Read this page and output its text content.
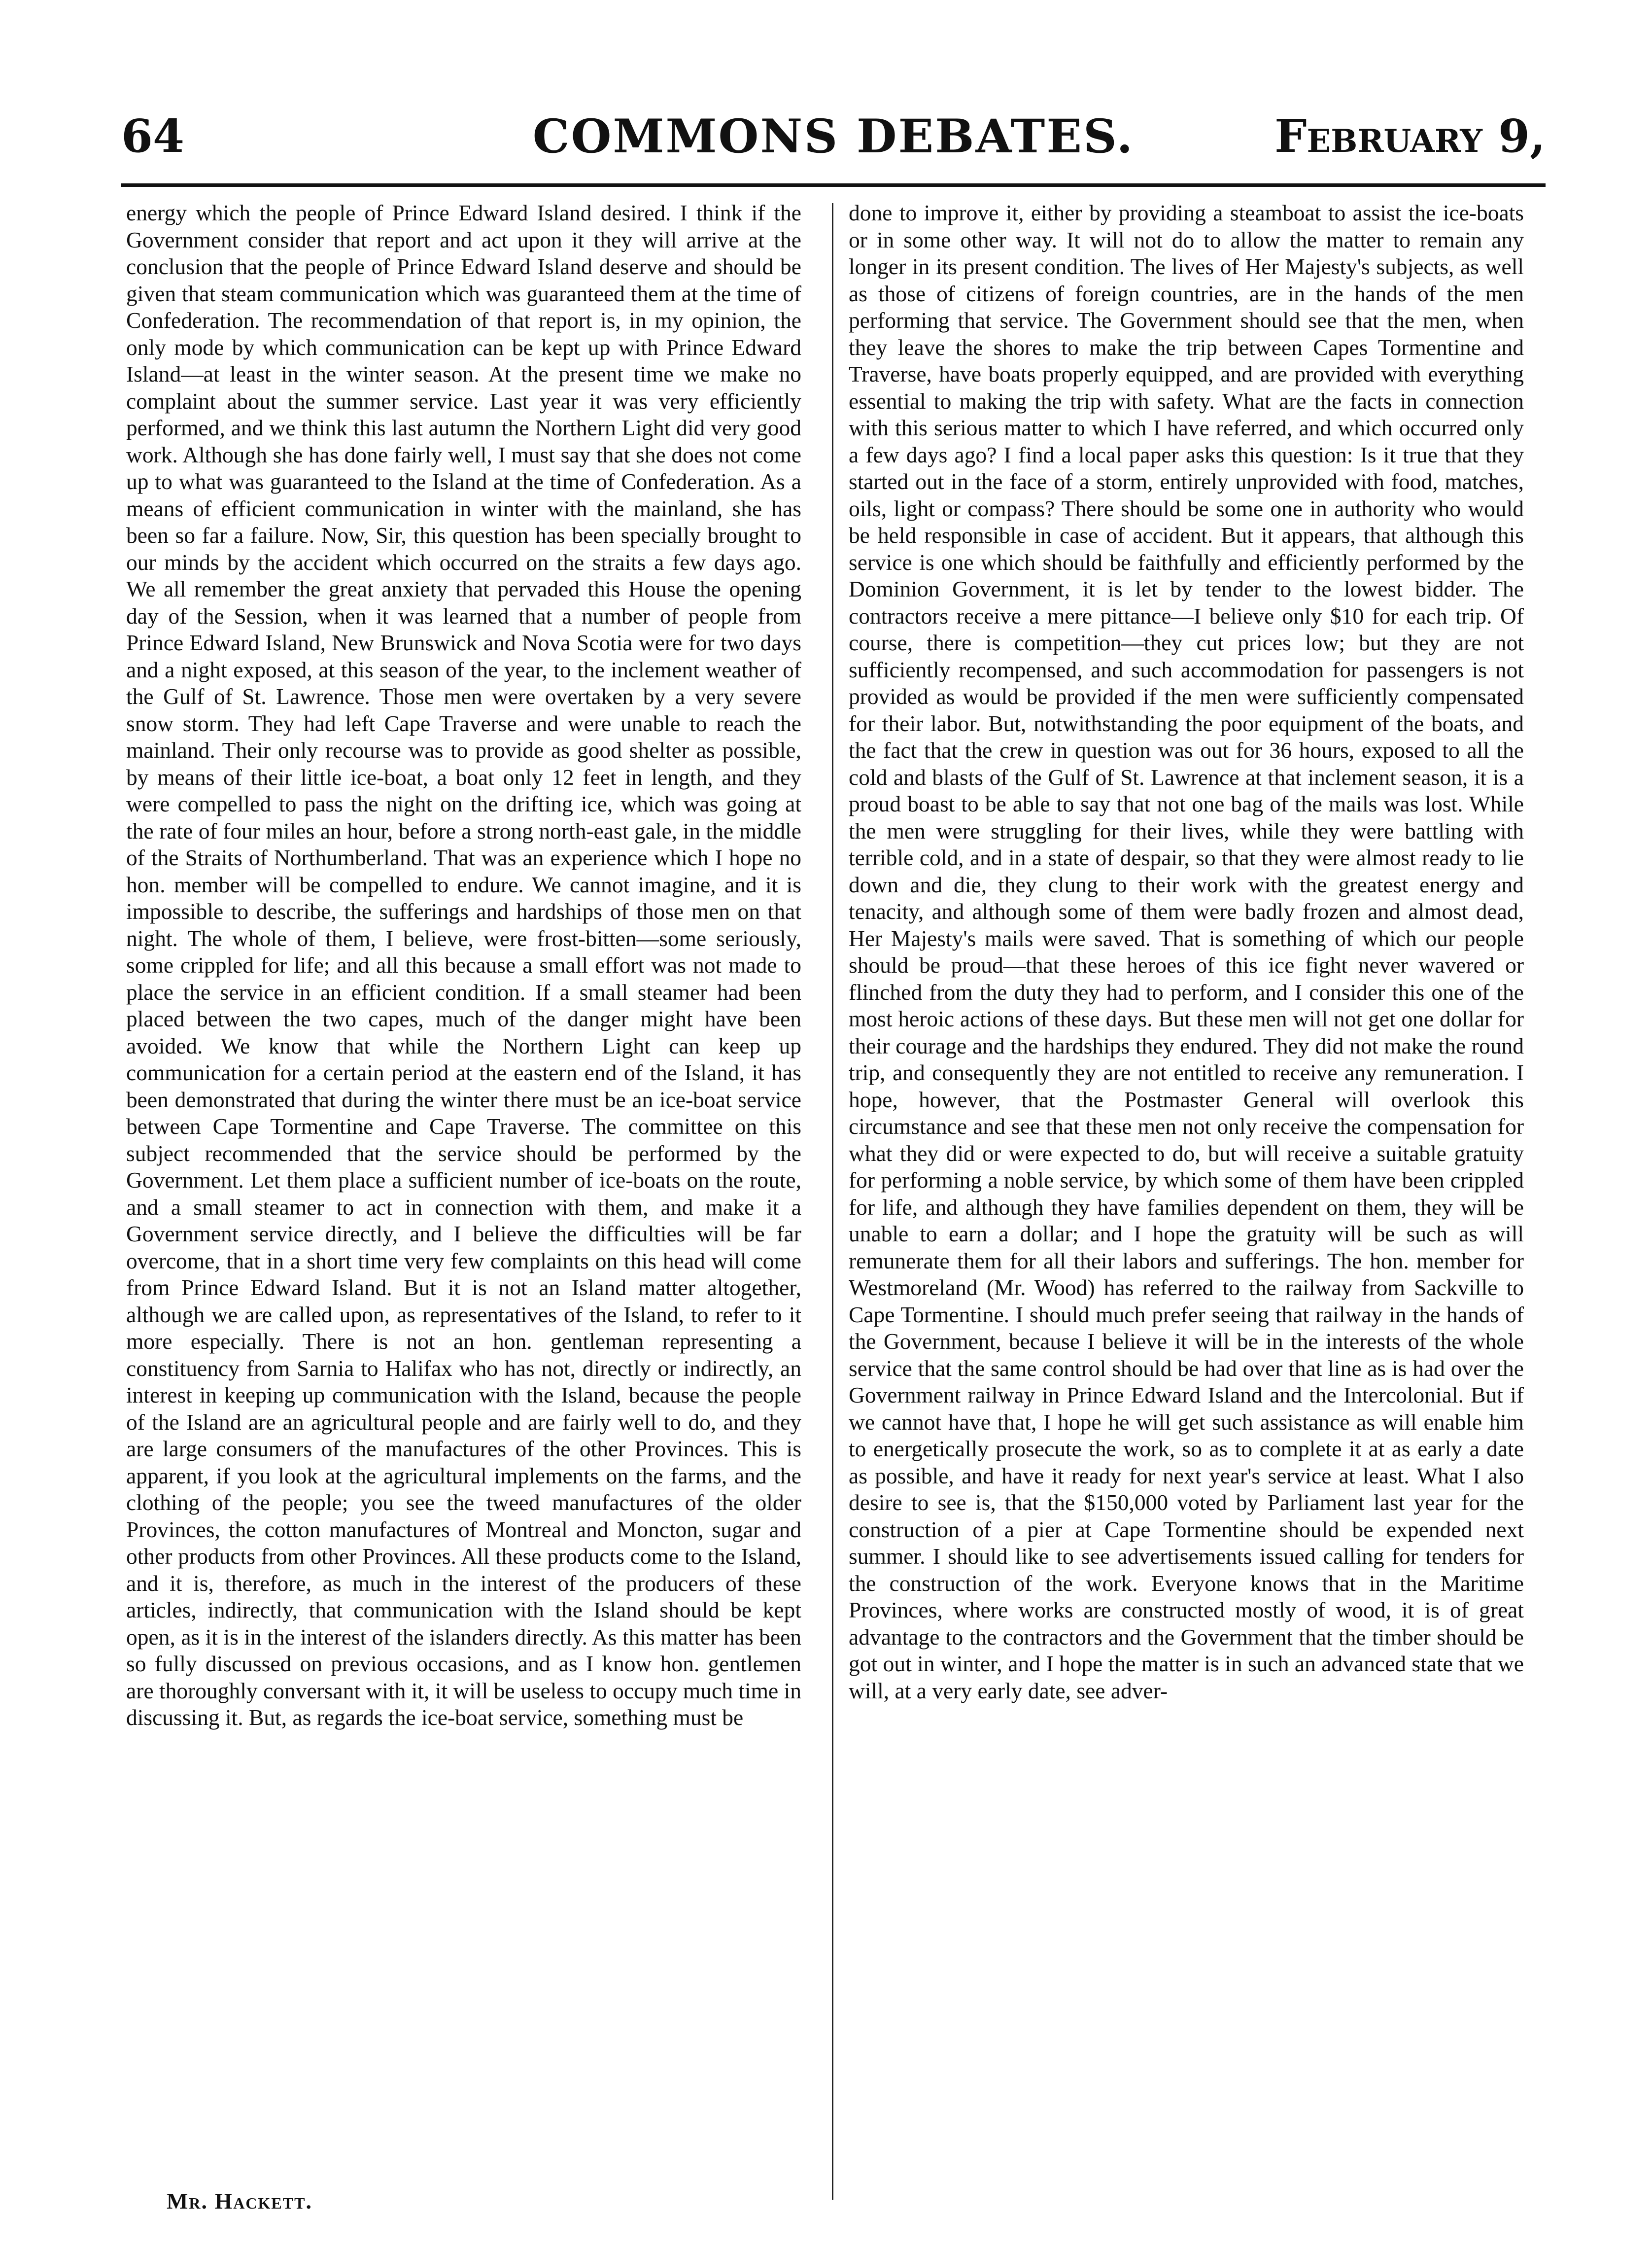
64	COMMONS DEBATES.	February 9,

energy which the people of Prince Edward Island desired. I think if the Government consider that report and act upon it they will arrive at the conclusion that the people of Prince Edward Island deserve and should be given that steam communication which was guaranteed them at the time of Confederation. The recommendation of that report is, in my opinion, the only mode by which communication can be kept up with Prince Edward Island—at least in the winter season. At the present time we make no complaint about the summer service. Last year it was very efficiently performed, and we think this last autumn the Northern Light did very good work. Although she has done fairly well, I must say that she does not come up to what was guaranteed to the Island at the time of Confederation. As a means of efficient communication in winter with the mainland, she has been so far a failure. Now, Sir, this question has been specially brought to our minds by the accident which occurred on the straits a few days ago. We all remember the great anxiety that pervaded this House the opening day of the Session, when it was learned that a number of people from Prince Edward Island, New Brunswick and Nova Scotia were for two days and a night exposed, at this season of the year, to the inclement weather of the Gulf of St. Lawrence. Those men were overtaken by a very severe snow storm. They had left Cape Traverse and were unable to reach the mainland. Their only recourse was to provide as good shelter as possible, by means of their little ice-boat, a boat only 12 feet in length, and they were compelled to pass the night on the drifting ice, which was going at the rate of four miles an hour, before a strong north-east gale, in the middle of the Straits of Northumberland. That was an experience which I hope no hon. member will be compelled to endure. We cannot imagine, and it is impossible to describe, the sufferings and hardships of those men on that night. The whole of them, I believe, were frost-bitten—some seriously, some crippled for life; and all this because a small effort was not made to place the service in an efficient condition. If a small steamer had been placed between the two capes, much of the danger might have been avoided. We know that while the Northern Light can keep up communication for a certain period at the eastern end of the Island, it has been demonstrated that during the winter there must be an ice-boat service between Cape Tormentine and Cape Traverse. The committee on this subject recommended that the service should be performed by the Government. Let them place a sufficient number of ice-boats on the route, and a small steamer to act in connection with them, and make it a Government service directly, and I believe the difficulties will be far overcome, that in a short time very few complaints on this head will come from Prince Edward Island. But it is not an Island matter altogether, although we are called upon, as representatives of the Island, to refer to it more especially. There is not an hon. gentleman representing a constituency from Sarnia to Halifax who has not, directly or indirectly, an interest in keeping up communication with the Island, because the people of the Island are an agricultural people and are fairly well to do, and they are large consumers of the manufactures of the other Provinces. This is apparent, if you look at the agricultural implements on the farms, and the clothing of the people; you see the tweed manufactures of the older Provinces, the cotton manufactures of Montreal and Moncton, sugar and other products from other Provinces. All these products come to the Island, and it is, therefore, as much in the interest of the producers of these articles, indirectly, that communication with the Island should be kept open, as it is in the interest of the islanders directly. As this matter has been so fully discussed on previous occasions, and as I know hon. gentlemen are thoroughly conversant with it, it will be useless to occupy much time in discussing it. But, as regards the ice-boat service, something must be

done to improve it, either by providing a steamboat to assist the ice-boats or in some other way. It will not do to allow the matter to remain any longer in its present condition. The lives of Her Majesty's subjects, as well as those of citizens of foreign countries, are in the hands of the men performing that service. The Government should see that the men, when they leave the shores to make the trip between Capes Tormentine and Traverse, have boats properly equipped, and are provided with everything essential to making the trip with safety. What are the facts in connection with this serious matter to which I have referred, and which occurred only a few days ago? I find a local paper asks this question: Is it true that they started out in the face of a storm, entirely unprovided with food, matches, oils, light or compass? There should be some one in authority who would be held responsible in case of accident. But it appears, that although this service is one which should be faithfully and efficiently performed by the Dominion Government, it is let by tender to the lowest bidder. The contractors receive a mere pittance—I believe only $10 for each trip. Of course, there is competition—they cut prices low; but they are not sufficiently recompensed, and such accommodation for passengers is not provided as would be provided if the men were sufficiently compensated for their labor. But, notwithstanding the poor equipment of the boats, and the fact that the crew in question was out for 36 hours, exposed to all the cold and blasts of the Gulf of St. Lawrence at that inclement season, it is a proud boast to be able to say that not one bag of the mails was lost. While the men were struggling for their lives, while they were battling with terrible cold, and in a state of despair, so that they were almost ready to lie down and die, they clung to their work with the greatest energy and tenacity, and although some of them were badly frozen and almost dead, Her Majesty's mails were saved. That is something of which our people should be proud—that these heroes of this ice fight never wavered or flinched from the duty they had to perform, and I consider this one of the most heroic actions of these days. But these men will not get one dollar for their courage and the hardships they endured. They did not make the round trip, and consequently they are not entitled to receive any remuneration. I hope, however, that the Postmaster General will overlook this circumstance and see that these men not only receive the compensation for what they did or were expected to do, but will receive a suitable gratuity for performing a noble service, by which some of them have been crippled for life, and although they have families dependent on them, they will be unable to earn a dollar; and I hope the gratuity will be such as will remunerate them for all their labors and sufferings. The hon. member for Westmoreland (Mr. Wood) has referred to the railway from Sackville to Cape Tormentine. I should much prefer seeing that railway in the hands of the Government, because I believe it will be in the interests of the whole service that the same control should be had over that line as is had over the Government railway in Prince Edward Island and the Intercolonial. But if we cannot have that, I hope he will get such assistance as will enable him to energetically prosecute the work, so as to complete it at as early a date as possible, and have it ready for next year's service at least. What I also desire to see is, that the $150,000 voted by Parliament last year for the construction of a pier at Cape Tormentine should be expended next summer. I should like to see advertisements issued calling for tenders for the construction of the work. Everyone knows that in the Maritime Provinces, where works are constructed mostly of wood, it is of great advantage to the contractors and the Government that the timber should be got out in winter, and I hope the matter is in such an advanced state that we will, at a very early date, see adver-

Mr. Hackett.
